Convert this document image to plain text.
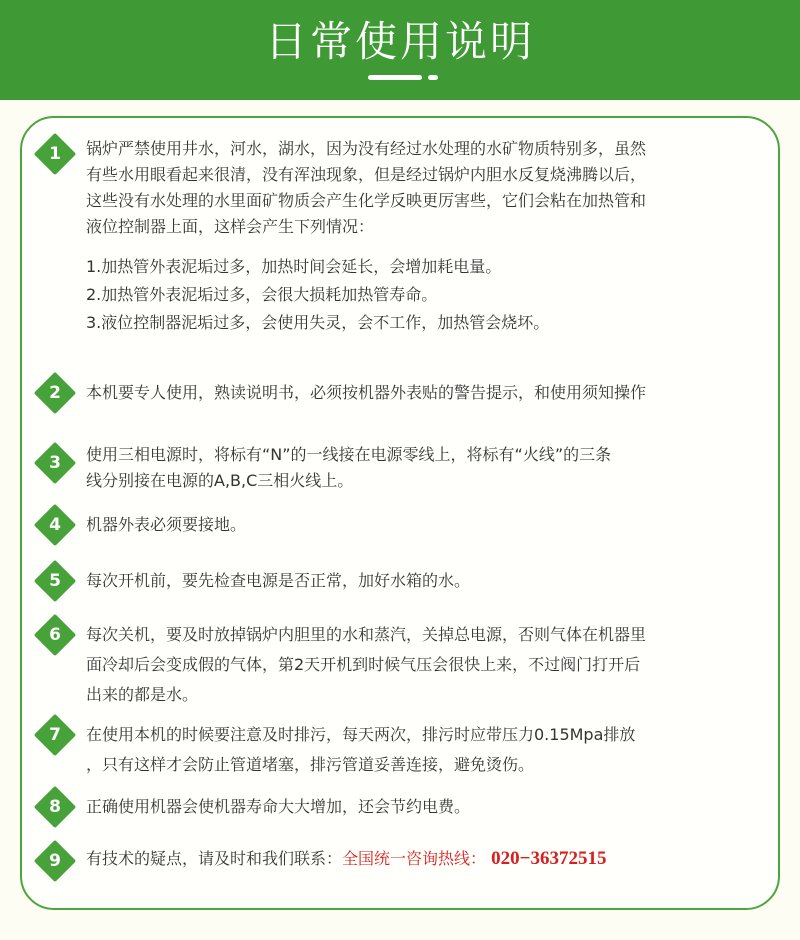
日常使用说明
1	锅炉严禁使用井水，河水，湖水，因为没有经过水处理的水矿物质特别多，虽然

有些水用眼看起来很清，没有浑浊现象，但是经过锅炉内胆水反复烧沸腾以后，

这些没有水处理的水里面矿物质会产生化学反映更厉害些，它们会粘在加热管和

液位控制器上面，这样会产生下列情况：

1.加热管外表泥垢过多，加热时间会延长，会增加耗电量。

2.加热管外表泥垢过多，会很大损耗加热管寿命。

3.液位控制器泥垢过多，会使用失灵，会不工作，加热管会烧坏。

2	本机要专人使用，熟读说明书，必须按机器外表贴的警告提示，和使用须知操作

3	使用三相电源时，将标有“N”的一线接在电源零线上，将标有“火线”的三条

线分别接在电源的A,B,C三相火线上。

4	机器外表必须要接地。

5	每次开机前，要先检查电源是否正常，加好水箱的水。

6	每次关机，要及时放掉锅炉内胆里的水和蒸汽，关掉总电源，否则气体在机器里

面冷却后会变成假的气体，第2天开机到时候气压会很快上来，不过阀门打开后

出来的都是水。

7	在使用本机的时候要注意及时排污，每天两次，排污时应带压力0.15Mpa排放

，只有这样才会防止管道堵塞，排污管道妥善连接，避免烫伤。

8	正确使用机器会使机器寿命大大增加，还会节约电费。

9	有技术的疑点，请及时和我们联系：全国统一咨询热线： 020−36372515
